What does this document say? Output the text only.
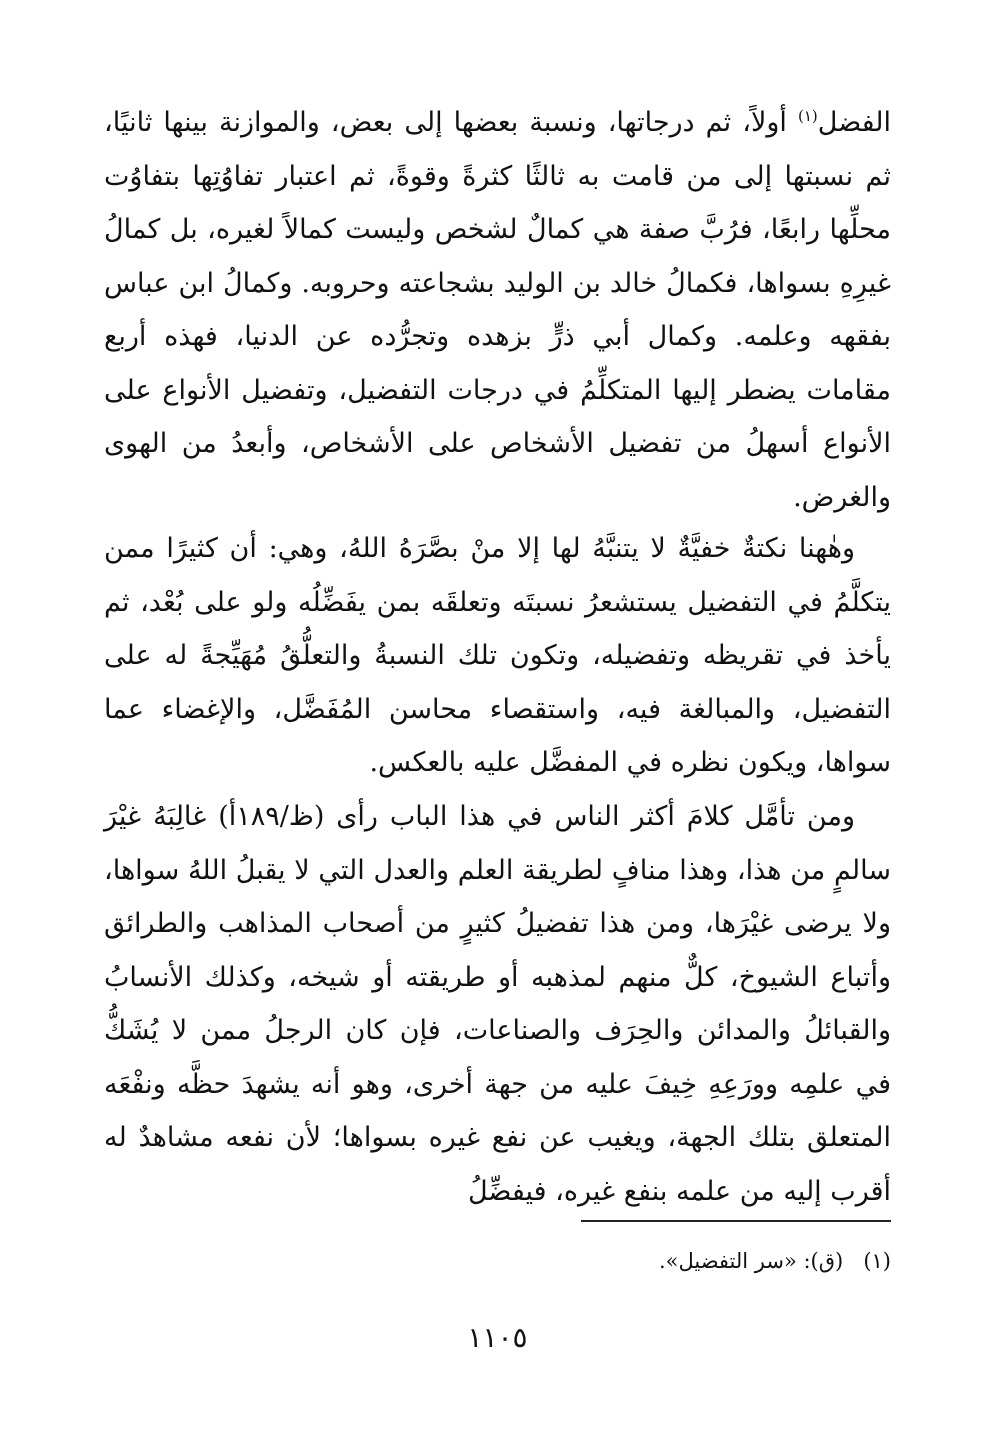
الفضل$^{(١)}$ أولاً، ثم درجاتها، ونسبة بعضها إلى بعض، والموازنة بينها ثانيًا، ثم نسبتها إلى من قامت به ثالثًا كثرةً وقوةً، ثم اعتبار تفاوُتِها بتفاوُت محلِّها رابعًا، فرُبَّ صفة هي كمالٌ لشخص وليست كمالاً لغيره، بل كمالُ غيرِهِ بسواها، فكمالُ خالد بن الوليد بشجاعته وحروبه. وكمالُ ابن عباس بفقهه وعلمه. وكمال أبي ذرٍّ بزهده وتجرُّده عن الدنيا، فهذه أربع مقامات يضطر إليها المتكلِّمُ في درجات التفضيل، وتفضيل الأنواع على الأنواع أسهلُ من تفضيل الأشخاص على الأشخاص، وأبعدُ من الهوى والغرض.

وهٰهنا نكتةٌ خفيَّةٌ لا يتنبَّهُ لها إلا منْ بصَّرَهُ اللهُ، وهي: أن كثيرًا ممن يتكلَّمُ في التفضيل يستشعرُ نسبتَه وتعلقَه بمن يفَضِّلُه ولو على بُعْد، ثم يأخذ في تقريظه وتفضيله، وتكون تلك النسبةُ والتعلُّقُ مُهَيِّجةً له على التفضيل، والمبالغة فيه، واستقصاء محاسن المُفَضَّل، والإغضاء عما سواها، ويكون نظره في المفضَّل عليه بالعكس.

ومن تأمَّل كلامَ أكثر الناس في هذا الباب رأى (ظ/١٨٩أ) غالِبَهُ غيْرَ سالمٍ من هذا، وهذا منافٍ لطريقة العلم والعدل التي لا يقبلُ اللهُ سواها، ولا يرضى غيْرَها، ومن هذا تفضيلُ كثيرٍ من أصحاب المذاهب والطرائق وأتباع الشيوخ، كلٌّ منهم لمذهبه أو طريقته أو شيخه، وكذلك الأنسابُ والقبائلُ والمدائن والحِرَف والصناعات، فإن كان الرجلُ ممن لا يُشَكُّ في علمِه وورَعِهِ خِيفَ عليه من جهة أخرى، وهو أنه يشهدَ حظَّه ونفْعَه المتعلق بتلك الجهة، ويغيب عن نفع غيره بسواها؛ لأن نفعه مشاهدٌ له أقرب إليه من علمه بنفع غيره، فيفضِّلُ

(١)   (ق): «سر التفضيل».
١١٠٥
